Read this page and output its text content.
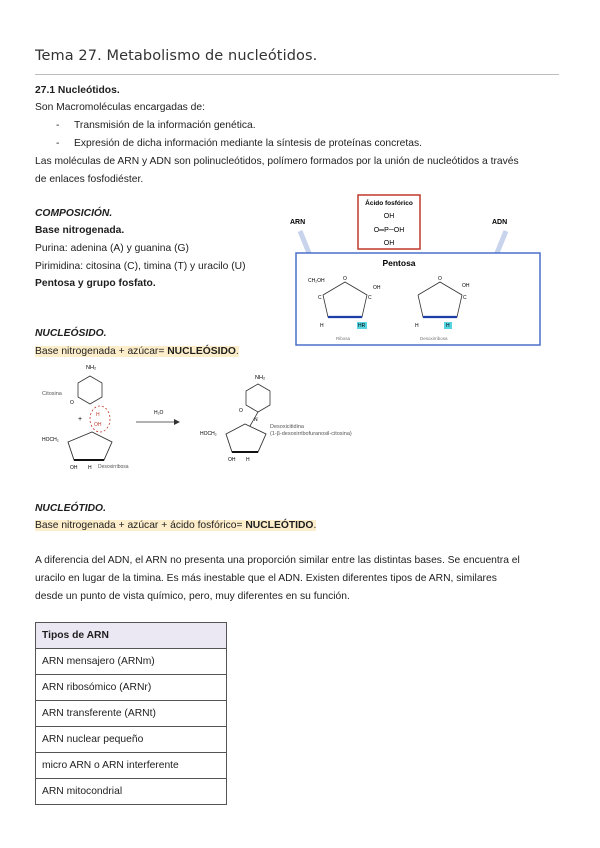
Tema 27. Metabolismo de nucleótidos.
27.1 Nucleótidos.
Son Macromoléculas encargadas de:
- Transmisión de la información genética.
- Expresión de dicha información mediante la síntesis de proteínas concretas.
Las moléculas de ARN y ADN son polinucleótidos, polímero formados por la unión de nucleótidos a través
de enlaces fosfodiéster.
COMPOSICIÓN.
Base nitrogenada.
Purina: adenina (A) y guanina (G)
Pirimidina: citosina (C), timina (T) y uracilo (U)
Pentosa y grupo fosfato.
Ácido fosfórico
OH
O═P─OH
OH
ARN	ADN
Pentosa
CH₂OH	O
C	C
OH
H	HR
Ribosa
O
C
OH
H
H
Desoxirribosa
NUCLEÓSIDO.
Base nitrogenada + azúcar= NUCLEÓSIDO.
NH₂
Citosina
O
+
H
OH
HOCH₂
OH H Desoxirribosa
H₂O
NH₂
O
N
HOCH₂
OH H
Desoxicitidina
(1-β-desoxirribofuranosil-citosina)
NUCLEÓTIDO.
Base nitrogenada + azúcar + ácido fosfórico= NUCLEÓTIDO.
A diferencia del ADN, el ARN no presenta una proporción similar entre las distintas bases. Se encuentra el
uracilo en lugar de la timina. Es más inestable que el ADN. Existen diferentes tipos de ARN, similares
desde un punto de vista químico, pero, muy diferentes en su función.
Tipos de ARN
ARN mensajero (ARNm)
ARN ribosómico (ARNr)
ARN transferente (ARNt)
ARN nuclear pequeño
micro ARN o ARN interferente
ARN mitocondrial
